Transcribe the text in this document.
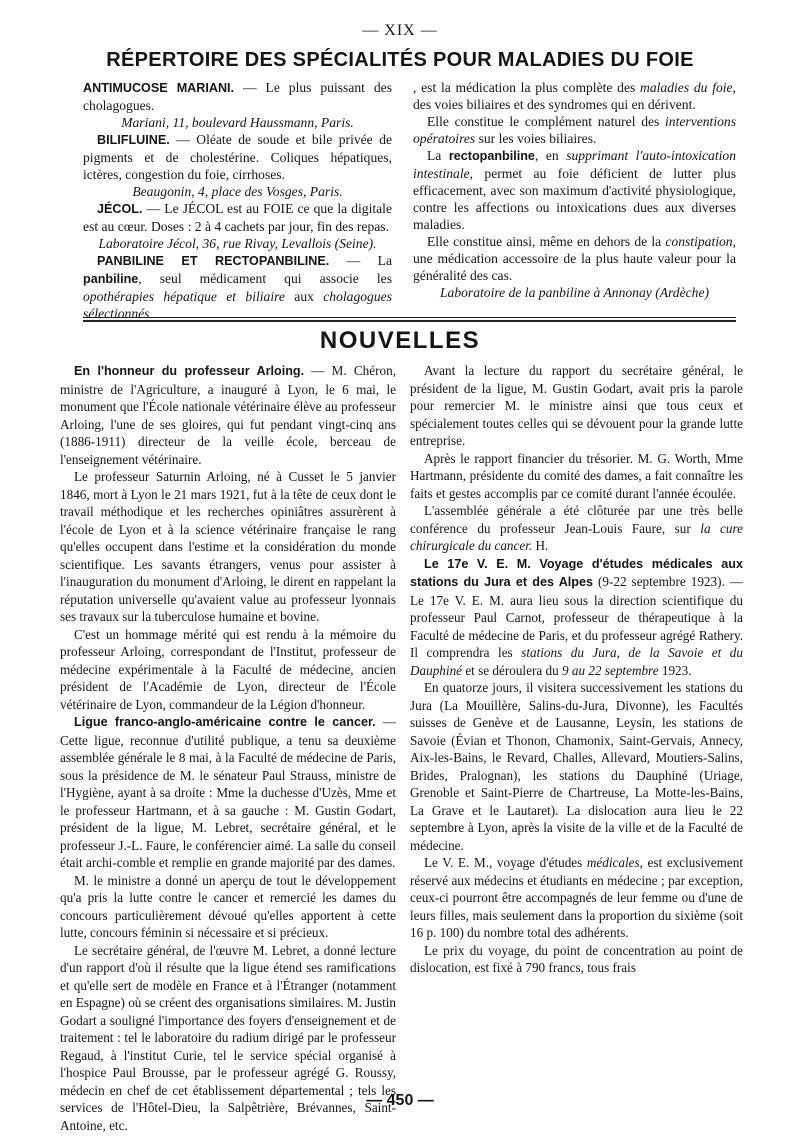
— XIX —
RÉPERTOIRE DES SPÉCIALITÉS POUR MALADIES DU FOIE

ANTIMUCOSE MARIANI. — Le plus puissant des cholagogues.

Mariani, 11, boulevard Haussmann, Paris.

BILIFLUINE. — Oléate de soude et bile privée de pigments et de cholestérine. Coliques hépatiques, ictères, congestion du foie, cirrhoses.

Beaugonin, 4, place des Vosges, Paris.

JÉCOL. — Le JÉCOL est au FOIE ce que la digitale est au cœur. Doses : 2 à 4 cachets par jour, fin des repas.

Laboratoire Jécol, 36, rue Rivay, Levallois (Seine).

PANBILINE ET RECTOPANBILINE. — La panbiline, seul médicament qui associe les opothérapies hépatique et biliaire aux cholagogues sélectionnés

, est la médication la plus complète des maladies du foie, des voies biliaires et des syndromes qui en dérivent.

Elle constitue le complément naturel des interventions opératoires sur les voies biliaires.

La rectopanbiline, en supprimant l'auto-intoxication intestinale, permet au foie déficient de lutter plus efficacement, avec son maximum d'activité physiologique, contre les affections ou intoxications dues aux diverses maladies.

Elle constitue ainsi, même en dehors de la constipation, une médication accessoire de la plus haute valeur pour la généralité des cas.

Laboratoire de la panbiline à Annonay (Ardèche)

NOUVELLES

En l'honneur du professeur Arloing. — M. Chéron, ministre de l'Agriculture, a inauguré à Lyon, le 6 mai, le monument que l'École nationale vétérinaire élève au professeur Arloing, l'une de ses gloires, qui fut pendant vingt-cinq ans (1886-1911) directeur de la veille école, berceau de l'enseignement vétérinaire.

Le professeur Saturnin Arloing, né à Cusset le 5 janvier 1846, mort à Lyon le 21 mars 1921, fut à la tête de ceux dont le travail méthodique et les recherches opiniâtres assurèrent à l'école de Lyon et à la science vétérinaire française le rang qu'elles occupent dans l'estime et la considération du monde scientifique. Les savants étrangers, venus pour assister à l'inauguration du monument d'Arloing, le dirent en rappelant la réputation universelle qu'avaient value au professeur lyonnais ses travaux sur la tuberculose humaine et bovine.

C'est un hommage mérité qui est rendu à la mémoire du professeur Arloing, correspondant de l'Institut, professeur de médecine expérimentale à la Faculté de médecine, ancien président de l'Académie de Lyon, directeur de l'École vétérinaire de Lyon, commandeur de la Légion d'honneur.

Ligue franco-anglo-américaine contre le cancer. — Cette ligue, reconnue d'utilité publique, a tenu sa deuxième assemblée générale le 8 mai, à la Faculté de médecine de Paris, sous la présidence de M. le sénateur Paul Strauss, ministre de l'Hygiène, ayant à sa droite : Mme la duchesse d'Uzès, Mme et le professeur Hartmann, et à sa gauche : M. Gustin Godart, président de la ligue, M. Lebret, secrétaire général, et le professeur J.-L. Faure, le conférencier aimé. La salle du conseil était archi-comble et remplie en grande majorité par des dames.

M. le ministre a donné un aperçu de tout le développement qu'a pris la lutte contre le cancer et remercié les dames du concours particulièrement dévoué qu'elles apportent à cette lutte, concours féminin si nécessaire et si précieux.

Le secrétaire général, de l'œuvre M. Lebret, a donné lecture d'un rapport d'où il résulte que la ligue étend ses ramifications et qu'elle sert de modèle en France et à l'Étranger (notamment en Espagne) où se créent des organisations similaires. M. Justin Godart a souligné l'importance des foyers d'enseignement et de traitement : tel le laboratoire du radium dirigé par le professeur Regaud, à l'institut Curie, tel le service spécial organisé à l'hospice Paul Brousse, par le professeur agrégé G. Roussy, médecin en chef de cet établissement départemental ; tels les services de l'Hôtel-Dieu, la Salpêtrière, Brévannes, Saint-Antoine, etc.

Avant la lecture du rapport du secrétaire général, le président de la ligue, M. Gustin Godart, avait pris la parole pour remercier M. le ministre ainsi que tous ceux et spécialement toutes celles qui se dévouent pour la grande lutte entreprise.

Après le rapport financier du trésorier. M. G. Worth, Mme Hartmann, présidente du comité des dames, a fait connaître les faits et gestes accomplis par ce comité durant l'année écoulée.

L'assemblée générale a été clôturée par une très belle conférence du professeur Jean-Louis Faure, sur la cure chirurgicale du cancer. H.

Le 17e V. E. M. Voyage d'études médicales aux stations du Jura et des Alpes (9-22 septembre 1923). — Le 17e V. E. M. aura lieu sous la direction scientifique du professeur Paul Carnot, professeur de thérapeutique à la Faculté de médecine de Paris, et du professeur agrégé Rathery. Il comprendra les stations du Jura, de la Savoie et du Dauphiné et se déroulera du 9 au 22 septembre 1923.

En quatorze jours, il visitera successivement les stations du Jura (La Mouillère, Salins-du-Jura, Divonne), les Facultés suisses de Genève et de Lausanne, Leysin, les stations de Savoie (Évian et Thonon, Chamonix, Saint-Gervais, Annecy, Aix-les-Bains, le Revard, Challes, Allevard, Moutiers-Salins, Brides, Pralognan), les stations du Dauphiné (Uriage, Grenoble et Saint-Pierre de Chartreuse, La Motte-les-Bains, La Grave et le Lautaret). La dislocation aura lieu le 22 septembre à Lyon, après la visite de la ville et de la Faculté de médecine.

Le V. E. M., voyage d'études médicales, est exclusivement réservé aux médecins et étudiants en médecine ; par exception, ceux-ci pourront être accompagnés de leur femme ou d'une de leurs filles, mais seulement dans la proportion du sixième (soit 16 p. 100) du nombre total des adhérents.

Le prix du voyage, du point de concentration au point de dislocation, est fixé à 790 francs, tous frais

— 450 —
